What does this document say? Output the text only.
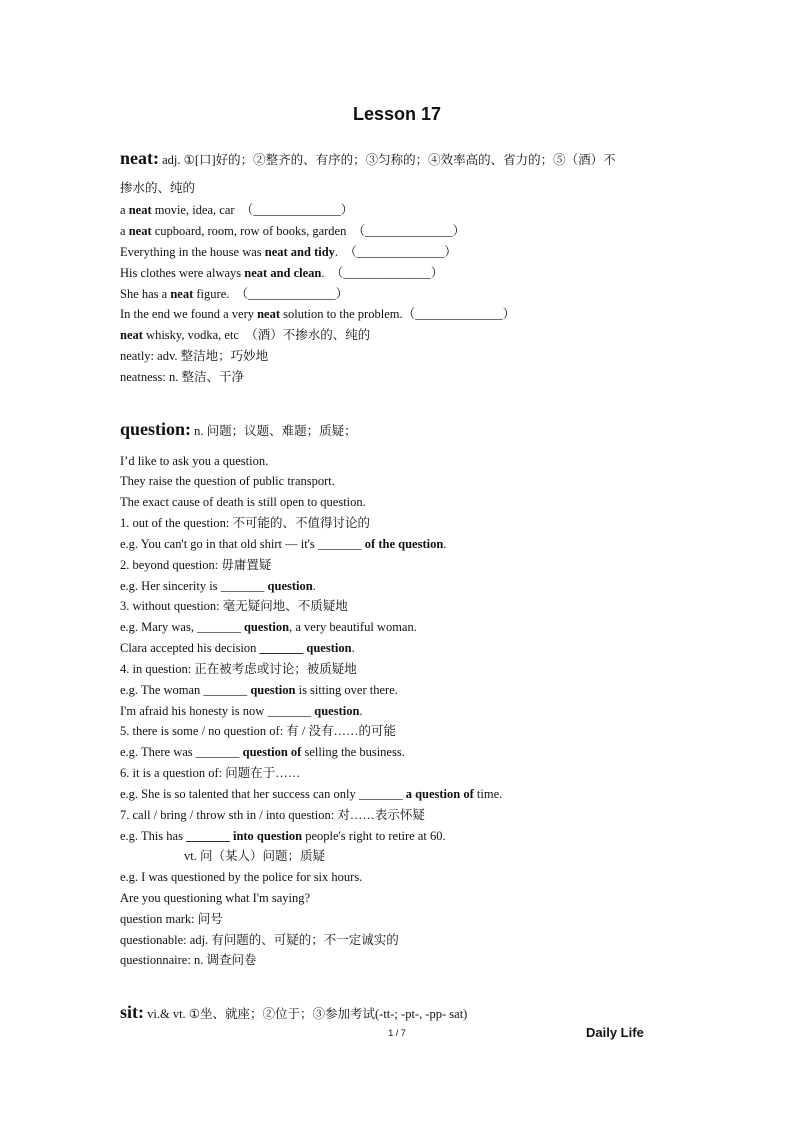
Lesson 17
neat: adj. ①[口]好的；②整齐的、有序的；③匀称的；④效率高的、省力的；⑤（酒）不
掺水的、纯的
a neat movie, idea, car　（______________）
a neat cupboard, room, row of books, garden　（______________）
Everything in the house was neat and tidy.　（______________）
His clothes were always neat and clean.　（______________）
She has a neat figure.　（______________）
In the end we found a very neat solution to the problem.（______________）
neat whisky, vodka, etc　（酒）不掺水的、纯的
neatly: adv. 整洁地；巧妙地
neatness: n. 整洁、干净
question: n. 问题；议题、难题；质疑；
I’d like to ask you a question.
They raise the question of public transport.
The exact cause of death is still open to question.
1. out of the question: 不可能的、不值得讨论的
e.g. You can't go in that old shirt — it's _______ of the question.
2. beyond question: 毋庸置疑
e.g. Her sincerity is _______ question.
3. without question: 毫无疑问地、不质疑地
e.g. Mary was, _______ question, a very beautiful woman.
Clara accepted his decision _______ question.
4. in question: 正在被考虑或讨论；被质疑地
e.g. The woman _______ question is sitting over there.
I'm afraid his honesty is now _______ question.
5. there is some / no question of: 有 / 没有……的可能
e.g. There was _______ question of selling the business.
6. it is a question of: 问题在于……
e.g. She is so talented that her success can only _______ a question of time.
7. call / bring / throw sth in / into question: 对……表示怀疑
e.g. This has _______ into question people's right to retire at 60.
vt. 问（某人）问题；质疑
e.g. I was questioned by the police for six hours.
Are you questioning what I'm saying?
question mark: 问号
questionable: adj. 有问题的、可疑的；不一定诚实的
questionnaire: n. 调查问卷
sit: vi.& vt. ①坐、就座；②位于；③参加考试(-tt-; -pt-, -pp- sat)
1 / 7	Daily Life
